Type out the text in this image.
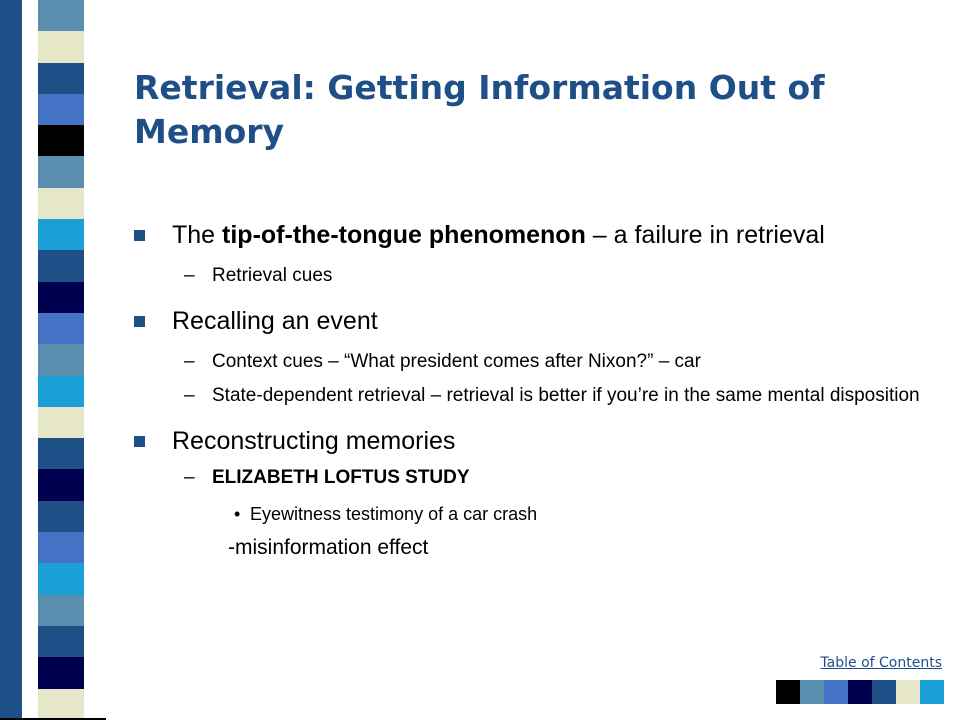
Retrieval: Getting Information Out of
Memory
The tip-of-the-tongue phenomenon – a failure in retrieval
– Retrieval cues
Recalling an event
– Context cues – “What president comes after Nixon?” – car
– State-dependent retrieval – retrieval is better if you’re in the same mental disposition
Reconstructing memories
– ELIZABETH LOFTUS STUDY
• Eyewitness testimony of a car crash
-misinformation effect
Table of Contents
